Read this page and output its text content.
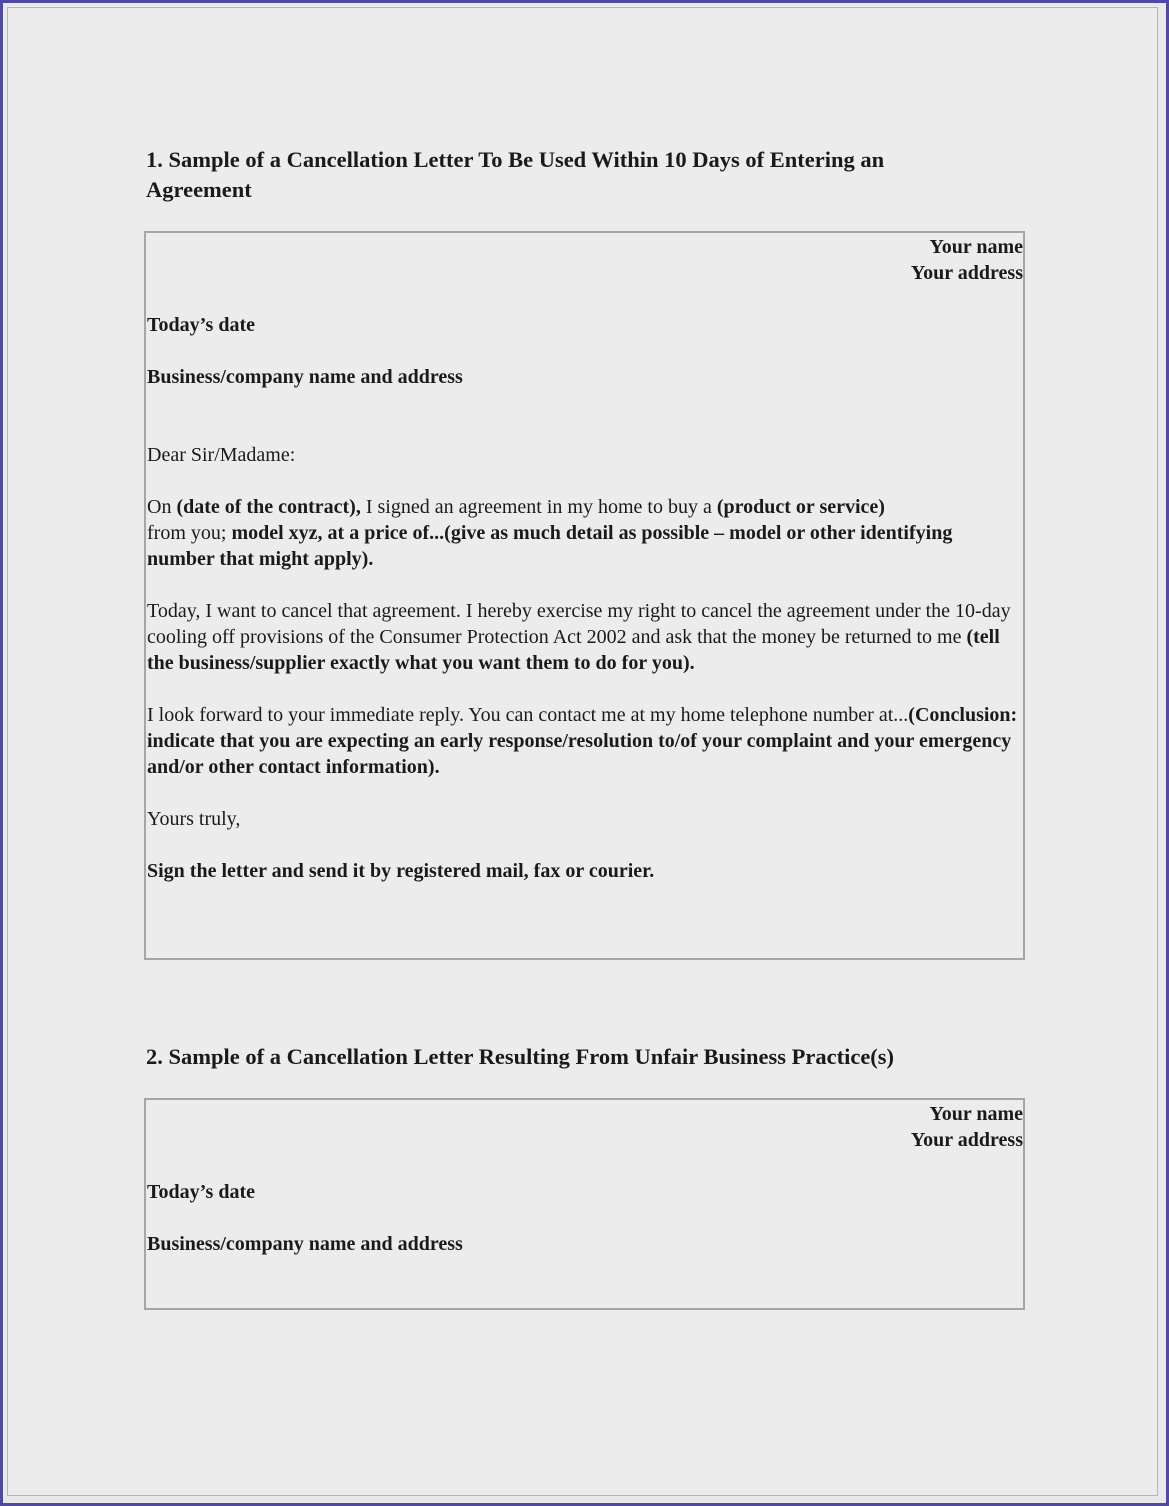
1. Sample of a Cancellation Letter To Be Used Within 10 Days of Entering an
Agreement
Your name
Your address

Today’s date

Business/company name and address

Dear Sir/Madame:

On (date of the contract), I signed an agreement in my home to buy a (product or service)
from you; model xyz, at a price of...(give as much detail as possible – model or other identifying number that might apply).

Today, I want to cancel that agreement. I hereby exercise my right to cancel the agreement under the 10-day cooling off provisions of the Consumer Protection Act 2002 and ask that the money be returned to me (tell the business/supplier exactly what you want them to do for you).

I look forward to your immediate reply. You can contact me at my home telephone number at...(Conclusion: indicate that you are expecting an early response/resolution to/of your complaint and your emergency and/or other contact information).

Yours truly,

Sign the letter and send it by registered mail, fax or courier.

2. Sample of a Cancellation Letter Resulting From Unfair Business Practice(s)
Your name
Your address

Today’s date

Business/company name and address
